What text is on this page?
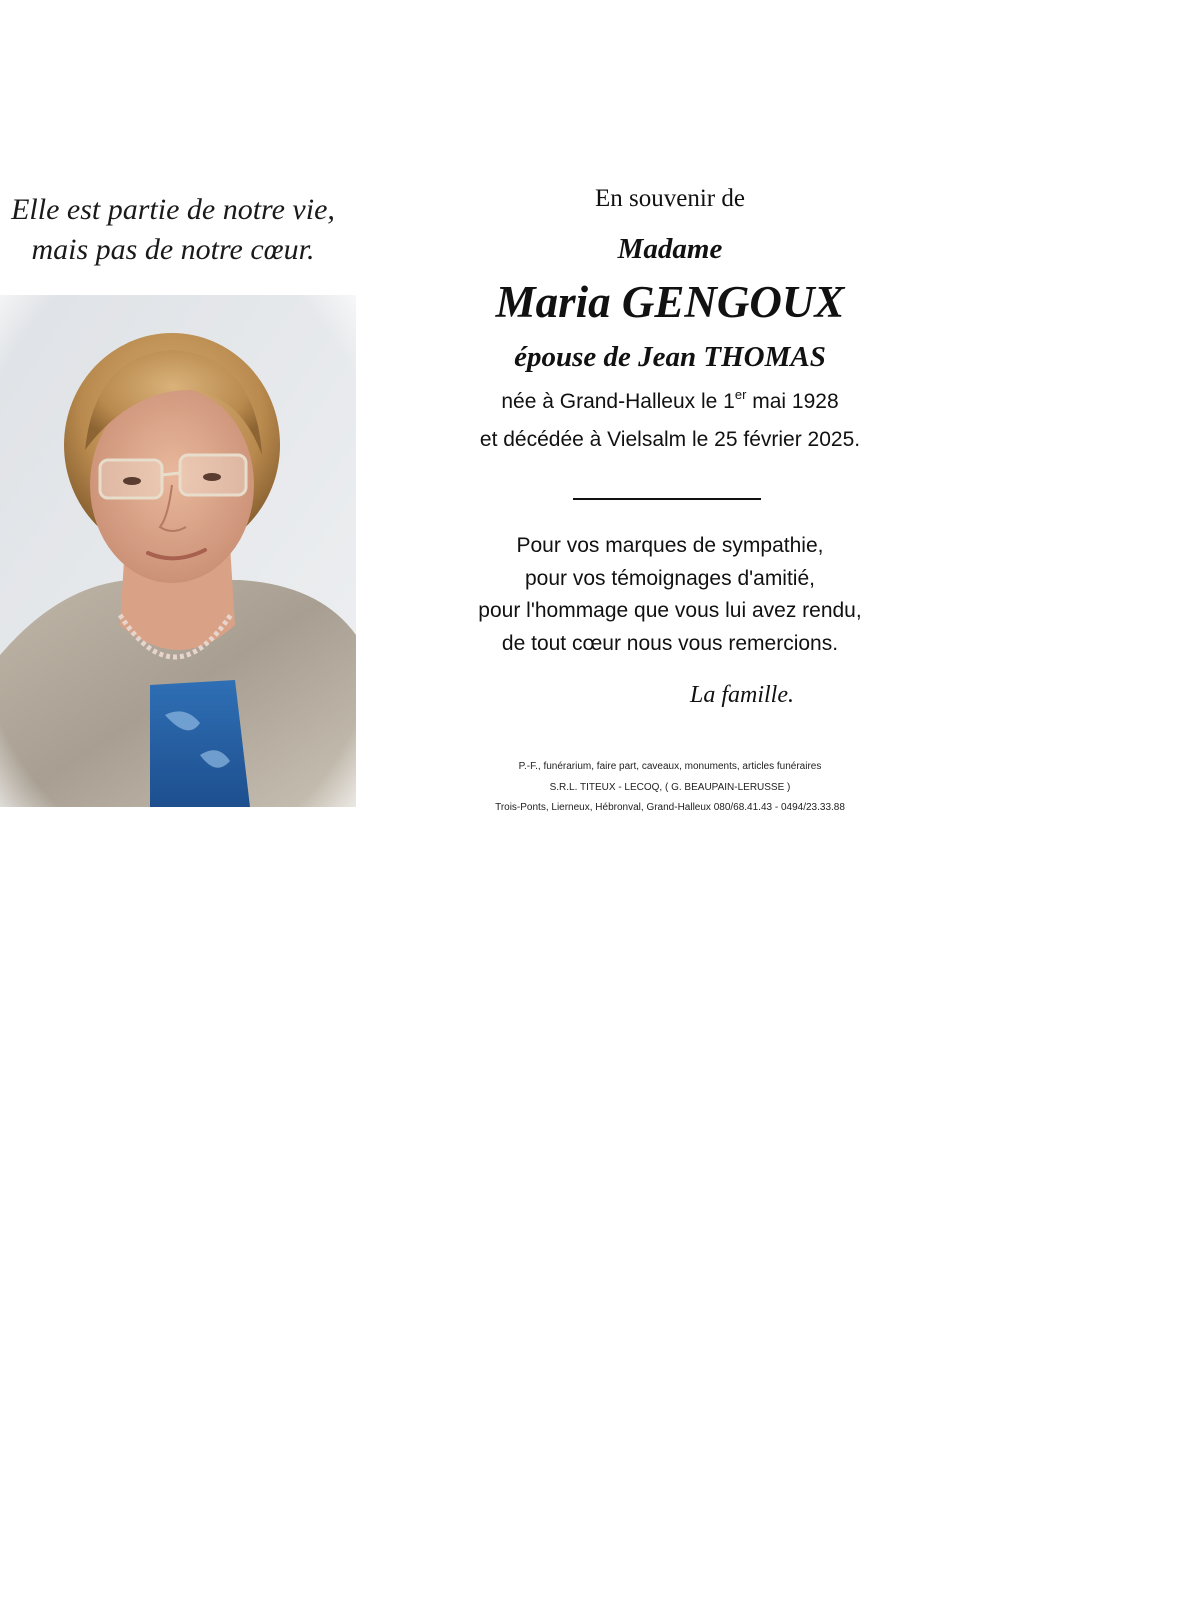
Elle est partie de notre vie,
mais pas de notre cœur.
En souvenir de
Madame
Maria GENGOUX
épouse de Jean THOMAS
née à Grand-Halleux le 1er mai 1928
et décédée à Vielsalm le 25 février 2025.
Pour vos marques de sympathie,
pour vos témoignages d'amitié,
pour l'hommage que vous lui avez rendu,
de tout cœur nous vous remercions.
La famille.
P.-F., funérarium, faire part, caveaux, monuments, articles funéraires
S.R.L. TITEUX - LECOQ, ( G. BEAUPAIN-LERUSSE )
Trois-Ponts, Lierneux, Hébronval, Grand-Halleux 080/68.41.43 - 0494/23.33.88
